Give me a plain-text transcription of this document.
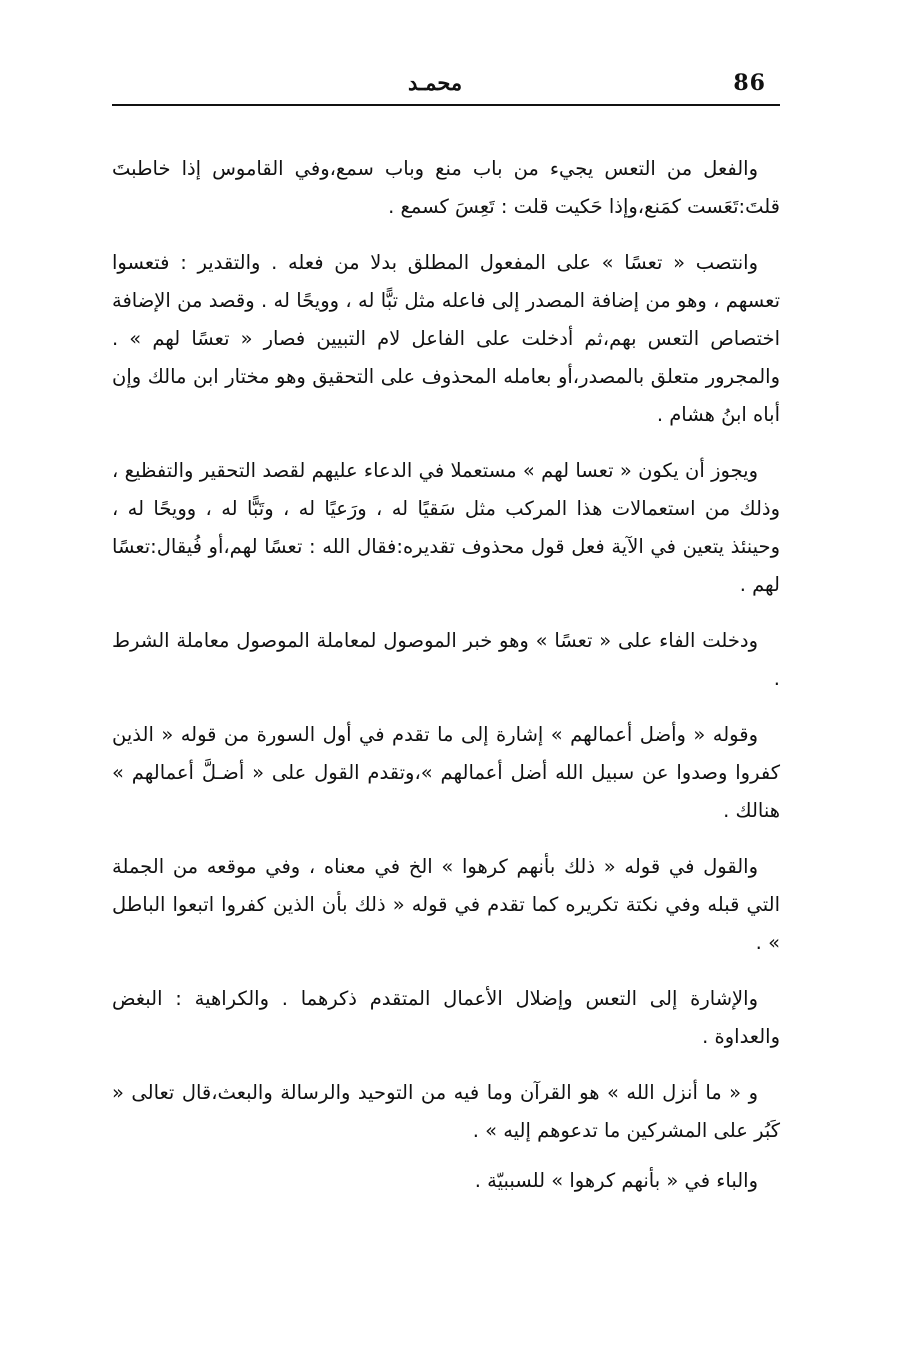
86
محمـد

والفعل من التعس يجيء من باب منع وباب سمع،وفي القاموس إذا خاطبتَ قلتَ:تَعَست كمَنع،وإذا حَكيت قلت : تَعِسَ كسمع .

وانتصب « تعسًا » على المفعول المطلق بدلا من فعله . والتقدير : فتعسوا تعسهم ، وهو من إضافة المصدر إلى فاعله مثل تبًّا له ، وويحًا له . وقصد من الإضافة اختصاص التعس بهم،ثم أدخلت على الفاعل لام التبيين فصار « تعسًا لهم » . والمجرور متعلق بالمصدر،أو بعامله المحذوف على التحقيق وهو مختار ابن مالك وإن أباه ابنُ هشام .

ويجوز أن يكون « تعسا لهم » مستعملا في الدعاء عليهم لقصد التحقير والتفظيع ، وذلك من استعمالات هذا المركب مثل سَقيًا له ، ورَعيًا له ، وتَبًّا له ، وويحًا له ، وحينئذ يتعين في الآية فعل قول محذوف تقديره:فقال الله : تعسًا لهم،أو فُيقال:تعسًا لهم .

ودخلت الفاء على « تعسًا » وهو خبر الموصول لمعاملة الموصول معاملة الشرط .

وقوله « وأضل أعمالهم » إشارة إلى ما تقدم في أول السورة من قوله « الذين كفروا وصدوا عن سبيل الله أضل أعمالهم »،وتقدم القول على « أضـلَّ أعمالهم » هنالك .

والقول في قوله « ذلك بأنهم كرهوا » الخ في معناه ، وفي موقعه من الجملة التي قبله وفي نكتة تكريره كما تقدم في قوله « ذلك بأن الذين كفروا اتبعوا الباطل » .

والإشارة إلى التعس وإضلال الأعمال المتقدم ذكرهما . والكراهية : البغض والعداوة .

و « ما أنزل الله » هو القرآن وما فيه من التوحيد والرسالة والبعث،قال تعالى « كَبُر على المشركين ما تدعوهم إليه » .

والباء في « بأنهم كرهوا » للسببيّة .
